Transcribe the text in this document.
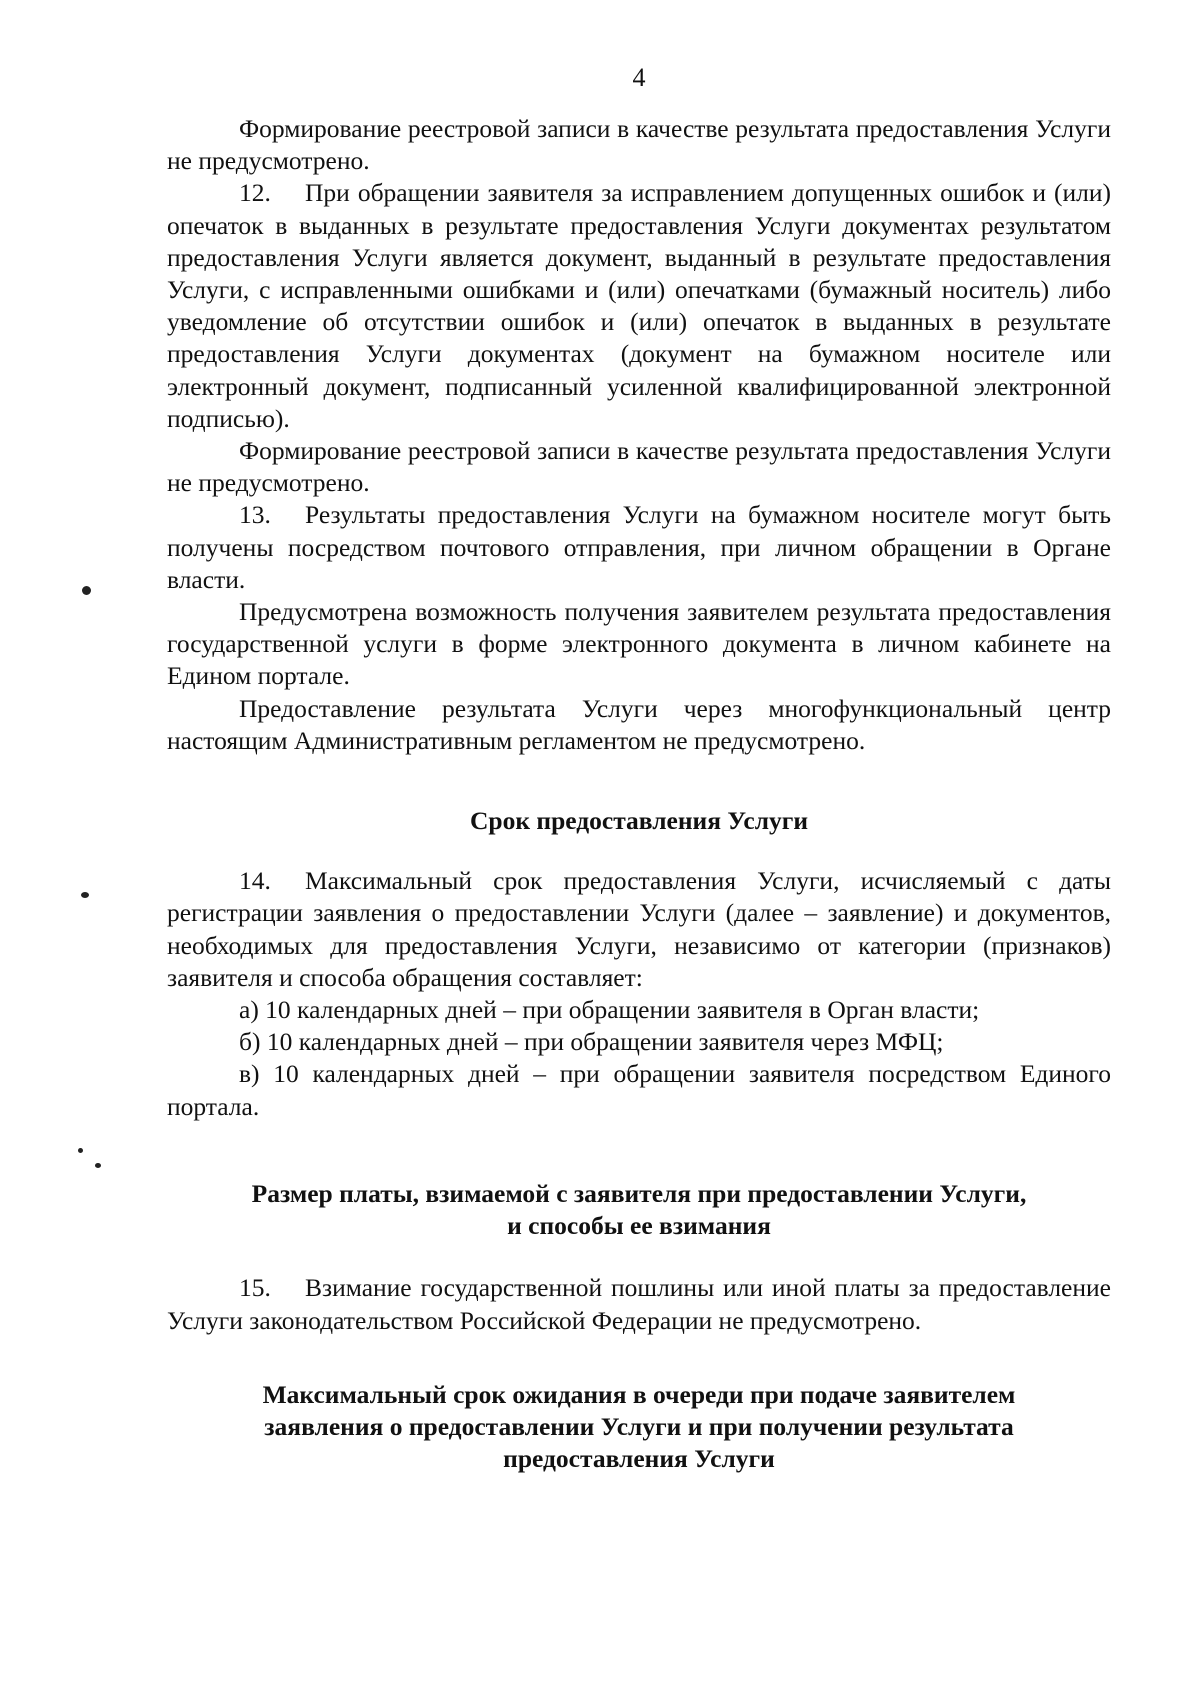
4

Формирование реестровой записи в качестве результата предоставления Услуги не предусмотрено.

12. При обращении заявителя за исправлением допущенных ошибок и (или) опечаток в выданных в результате предоставления Услуги документах результатом предоставления Услуги является документ, выданный в результате предоставления Услуги, с исправленными ошибками и (или) опечатками (бумажный носитель) либо уведомление об отсутствии ошибок и (или) опечаток в выданных в результате предоставления Услуги документах (документ на бумажном носителе или электронный документ, подписанный усиленной квалифицированной электронной подписью).

Формирование реестровой записи в качестве результата предоставления Услуги не предусмотрено.

13. Результаты предоставления Услуги на бумажном носителе могут быть получены посредством почтового отправления, при личном обращении в Органе власти.

Предусмотрена возможность получения заявителем результата предоставления государственной услуги в форме электронного документа в личном кабинете на Едином портале.

Предоставление результата Услуги через многофункциональный центр настоящим Административным регламентом не предусмотрено.

Срок предоставления Услуги

14. Максимальный срок предоставления Услуги, исчисляемый с даты регистрации заявления о предоставлении Услуги (далее – заявление) и документов, необходимых для предоставления Услуги, независимо от категории (признаков) заявителя и способа обращения составляет:

а) 10 календарных дней – при обращении заявителя в Орган власти;

б) 10 календарных дней – при обращении заявителя через МФЦ;

в) 10 календарных дней – при обращении заявителя посредством Единого портала.

Размер платы, взимаемой с заявителя при предоставлении Услуги,
и способы ее взимания

15. Взимание государственной пошлины или иной платы за предоставление Услуги законодательством Российской Федерации не предусмотрено.

Максимальный срок ожидания в очереди при подаче заявителем
заявления о предоставлении Услуги и при получении результата
предоставления Услуги
